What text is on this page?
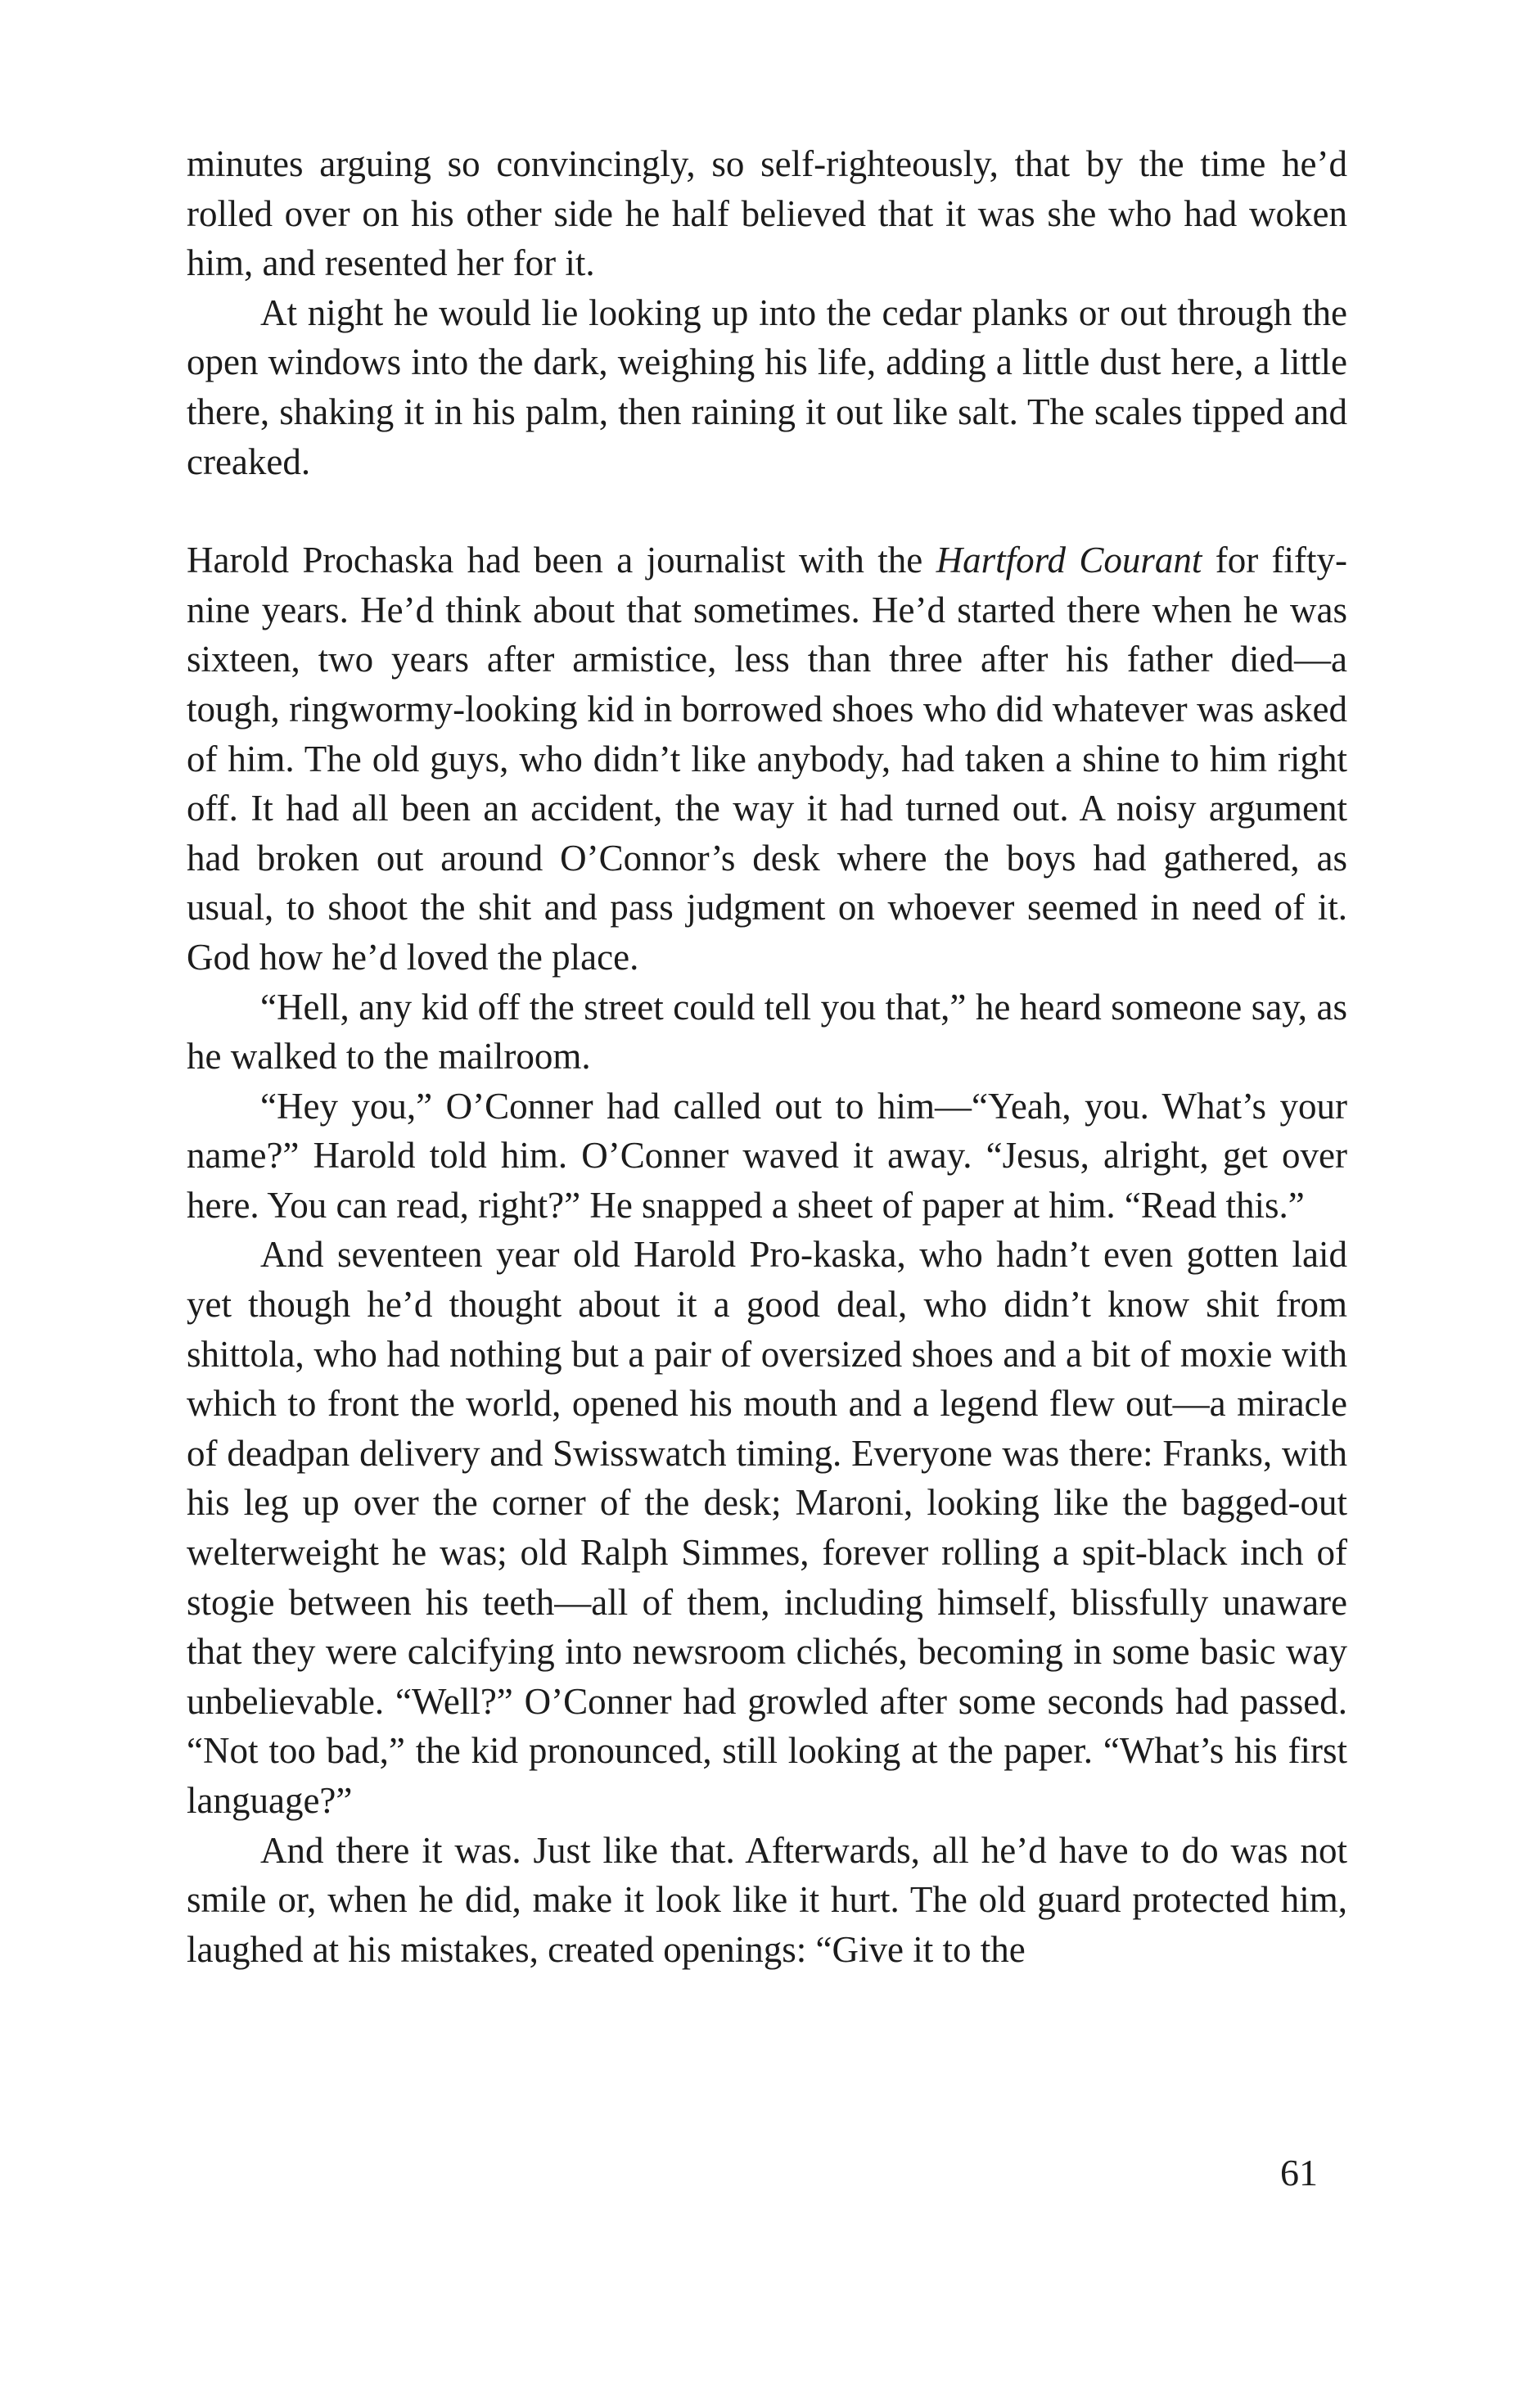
minutes arguing so convincingly, so self-righteously, that by the time he’d rolled over on his other side he half believed that it was she who had woken him, and resented her for it.

At night he would lie looking up into the cedar planks or out through the open windows into the dark, weighing his life, adding a little dust here, a little there, shaking it in his palm, then raining it out like salt. The scales tipped and creaked.

Harold Prochaska had been a journalist with the Hartford Courant for fifty-nine years. He’d think about that sometimes. He’d started there when he was sixteen, two years after armistice, less than three after his father died—a tough, ringwormy-looking kid in borrowed shoes who did whatever was asked of him. The old guys, who didn’t like anybody, had taken a shine to him right off. It had all been an accident, the way it had turned out. A noisy argument had broken out around O’Connor’s desk where the boys had gathered, as usual, to shoot the shit and pass judgment on whoever seemed in need of it. God how he’d loved the place.

“Hell, any kid off the street could tell you that,” he heard someone say, as he walked to the mailroom.

“Hey you,” O’Conner had called out to him—“Yeah, you. What’s your name?” Harold told him. O’Conner waved it away. “Jesus, alright, get over here. You can read, right?” He snapped a sheet of paper at him. “Read this.”

And seventeen year old Harold Pro-kaska, who hadn’t even gotten laid yet though he’d thought about it a good deal, who didn’t know shit from shittola, who had nothing but a pair of oversized shoes and a bit of moxie with which to front the world, opened his mouth and a legend flew out—a miracle of deadpan delivery and Swisswatch timing. Everyone was there: Franks, with his leg up over the corner of the desk; Maroni, looking like the bagged-out welterweight he was; old Ralph Simmes, forever rolling a spit-black inch of stogie between his teeth—all of them, including himself, blissfully unaware that they were calcifying into newsroom clichés, becoming in some basic way unbelievable. “Well?” O’Conner had growled after some seconds had passed. “Not too bad,” the kid pronounced, still looking at the paper. “What’s his first language?”

And there it was. Just like that. Afterwards, all he’d have to do was not smile or, when he did, make it look like it hurt. The old guard protected him, laughed at his mistakes, created openings: “Give it to the

61
